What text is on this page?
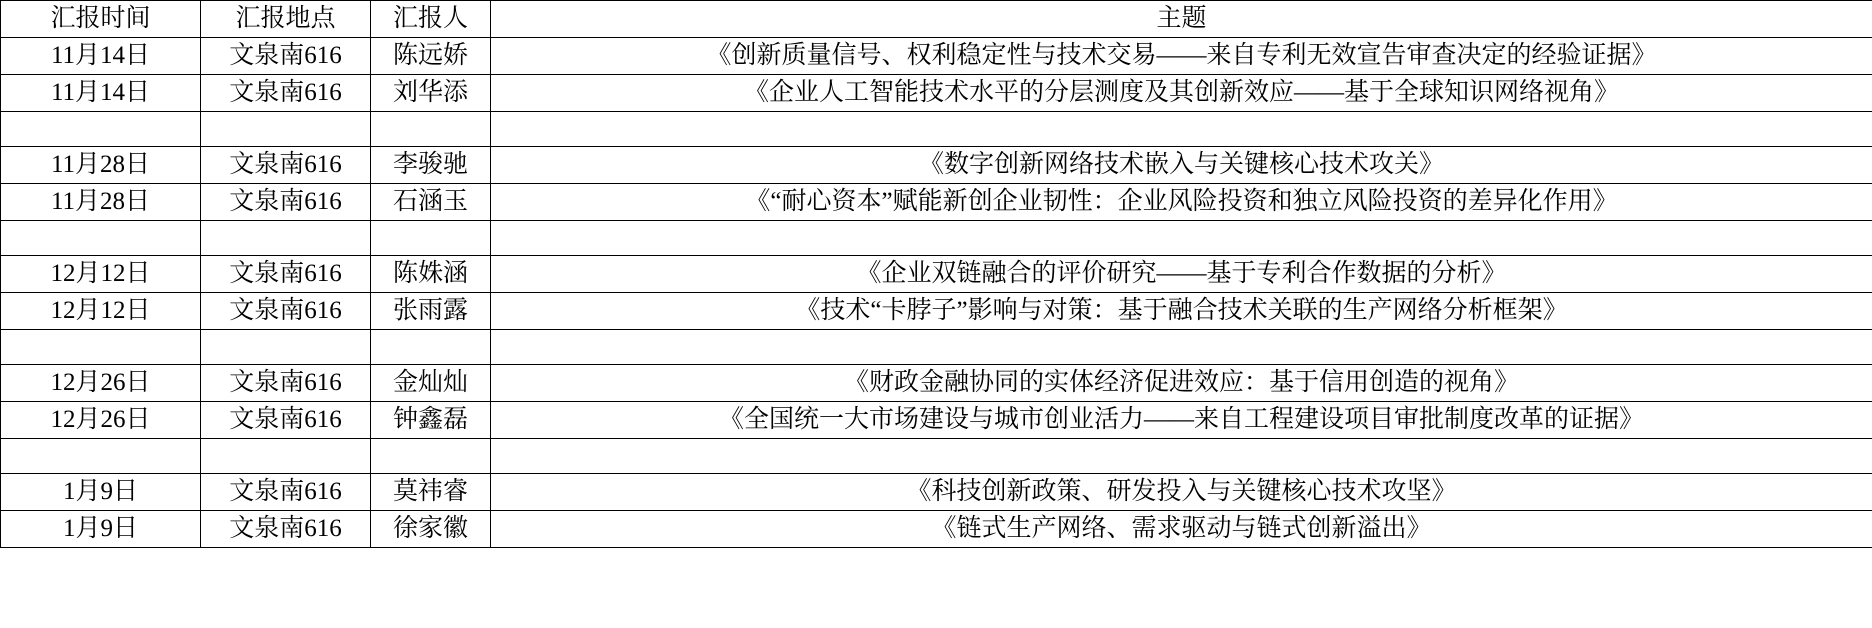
汇报时间	汇报地点	汇报人	主题
11月14日	文泉南616	陈远娇	《创新质量信号、权利稳定性与技术交易——来自专利无效宣告审查决定的经验证据》
11月14日	文泉南616	刘华添	《企业人工智能技术水平的分层测度及其创新效应——基于全球知识网络视角》

11月28日	文泉南616	李骏驰	《数字创新网络技术嵌入与关键核心技术攻关》
11月28日	文泉南616	石涵玉	《“耐心资本”赋能新创企业韧性：企业风险投资和独立风险投资的差异化作用》

12月12日	文泉南616	陈姝涵	《企业双链融合的评价研究——基于专利合作数据的分析》
12月12日	文泉南616	张雨露	《技术“卡脖子”影响与对策：基于融合技术关联的生产网络分析框架》

12月26日	文泉南616	金灿灿	《财政金融协同的实体经济促进效应：基于信用创造的视角》
12月26日	文泉南616	钟鑫磊	《全国统一大市场建设与城市创业活力——来自工程建设项目审批制度改革的证据》

1月9日	文泉南616	莫祎睿	《科技创新政策、研发投入与关键核心技术攻坚》
1月9日	文泉南616	徐家徽	《链式生产网络、需求驱动与链式创新溢出》
